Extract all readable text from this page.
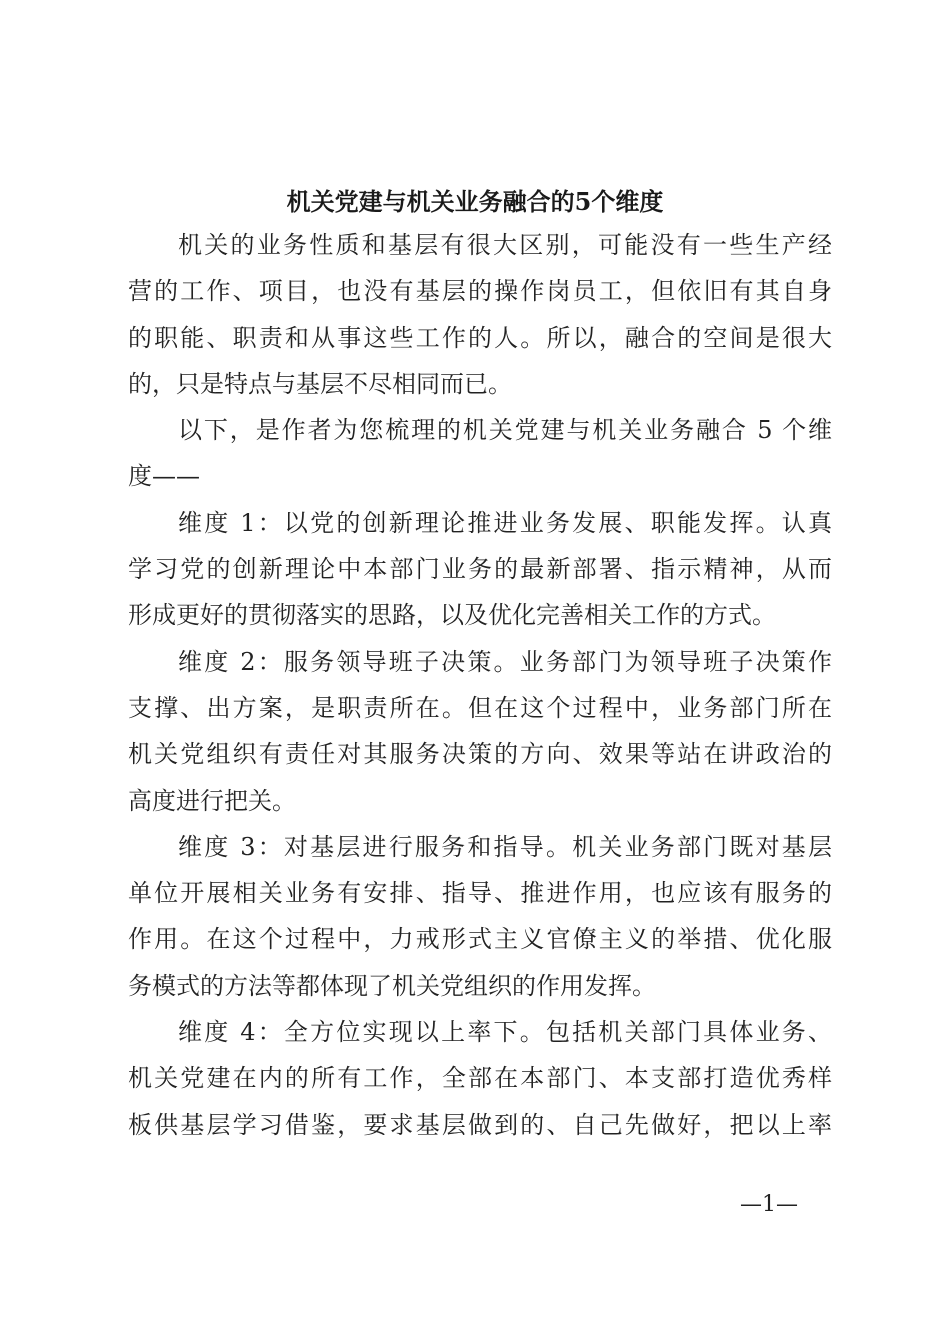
机关党建与机关业务融合的5个维度
机关的业务性质和基层有很大区别，可能没有一些生产经
营的工作、项目，也没有基层的操作岗员工，但依旧有其自身
的职能、职责和从事这些工作的人。所以，融合的空间是很大
的，只是特点与基层不尽相同而已。
以下，是作者为您梳理的机关党建与机关业务融合 5 个维
度——
维度 1：以党的创新理论推进业务发展、职能发挥。认真
学习党的创新理论中本部门业务的最新部署、指示精神，从而
形成更好的贯彻落实的思路，以及优化完善相关工作的方式。
维度 2：服务领导班子决策。业务部门为领导班子决策作
支撑、出方案，是职责所在。但在这个过程中，业务部门所在
机关党组织有责任对其服务决策的方向、效果等站在讲政治的
高度进行把关。
维度 3：对基层进行服务和指导。机关业务部门既对基层
单位开展相关业务有安排、指导、推进作用，也应该有服务的
作用。在这个过程中，力戒形式主义官僚主义的举措、优化服
务模式的方法等都体现了机关党组织的作用发挥。
维度 4：全方位实现以上率下。包括机关部门具体业务、
机关党建在内的所有工作，全部在本部门、本支部打造优秀样
板供基层学习借鉴，要求基层做到的、自己先做好，把以上率
—1—
